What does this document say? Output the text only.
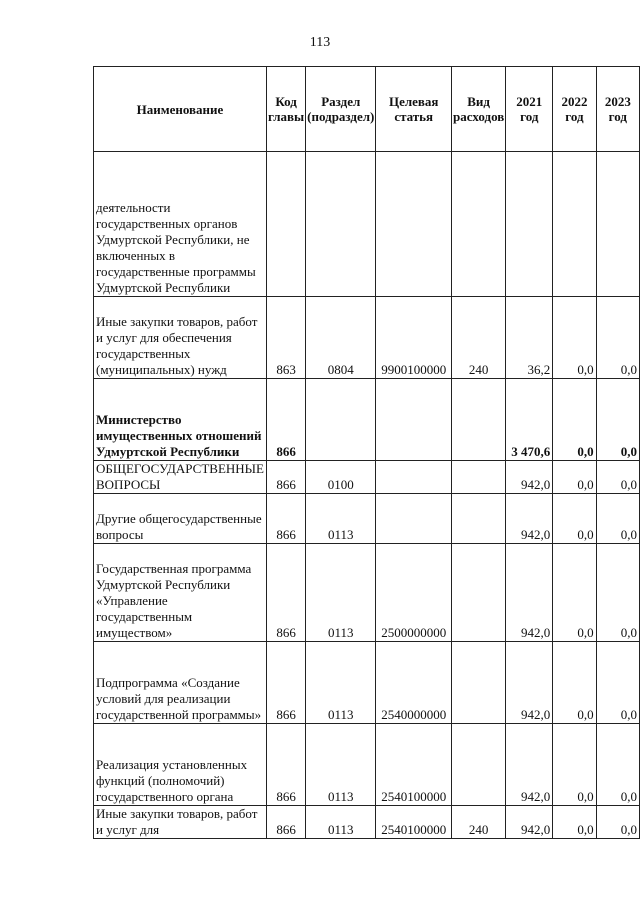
113
Наименование	Код главы	Раздел (подраздел)	Целевая статья	Вид расходов	2021 год	2022 год	2023 год
деятельности государственных органов Удмуртской Республики, не включенных в государственные программы Удмуртской Республики							
Иные закупки товаров, работ и услуг для обеспечения государственных (муниципальных) нужд	863	0804	9900100000	240	36,2	0,0	0,0
Министерство имущественных отношений Удмуртской Республики	866				3 470,6	0,0	0,0
ОБЩЕГОСУДАРСТВЕННЫЕ ВОПРОСЫ	866	0100			942,0	0,0	0,0
Другие общегосударственные вопросы	866	0113			942,0	0,0	0,0
Государственная программа Удмуртской Республики «Управление государственным имуществом»	866	0113	2500000000		942,0	0,0	0,0
Подпрограмма «Создание условий для реализации государственной программы»	866	0113	2540000000		942,0	0,0	0,0
Реализация установленных функций (полномочий) государственного органа	866	0113	2540100000		942,0	0,0	0,0
Иные закупки товаров, работ и услуг для	866	0113	2540100000	240	942,0	0,0	0,0
